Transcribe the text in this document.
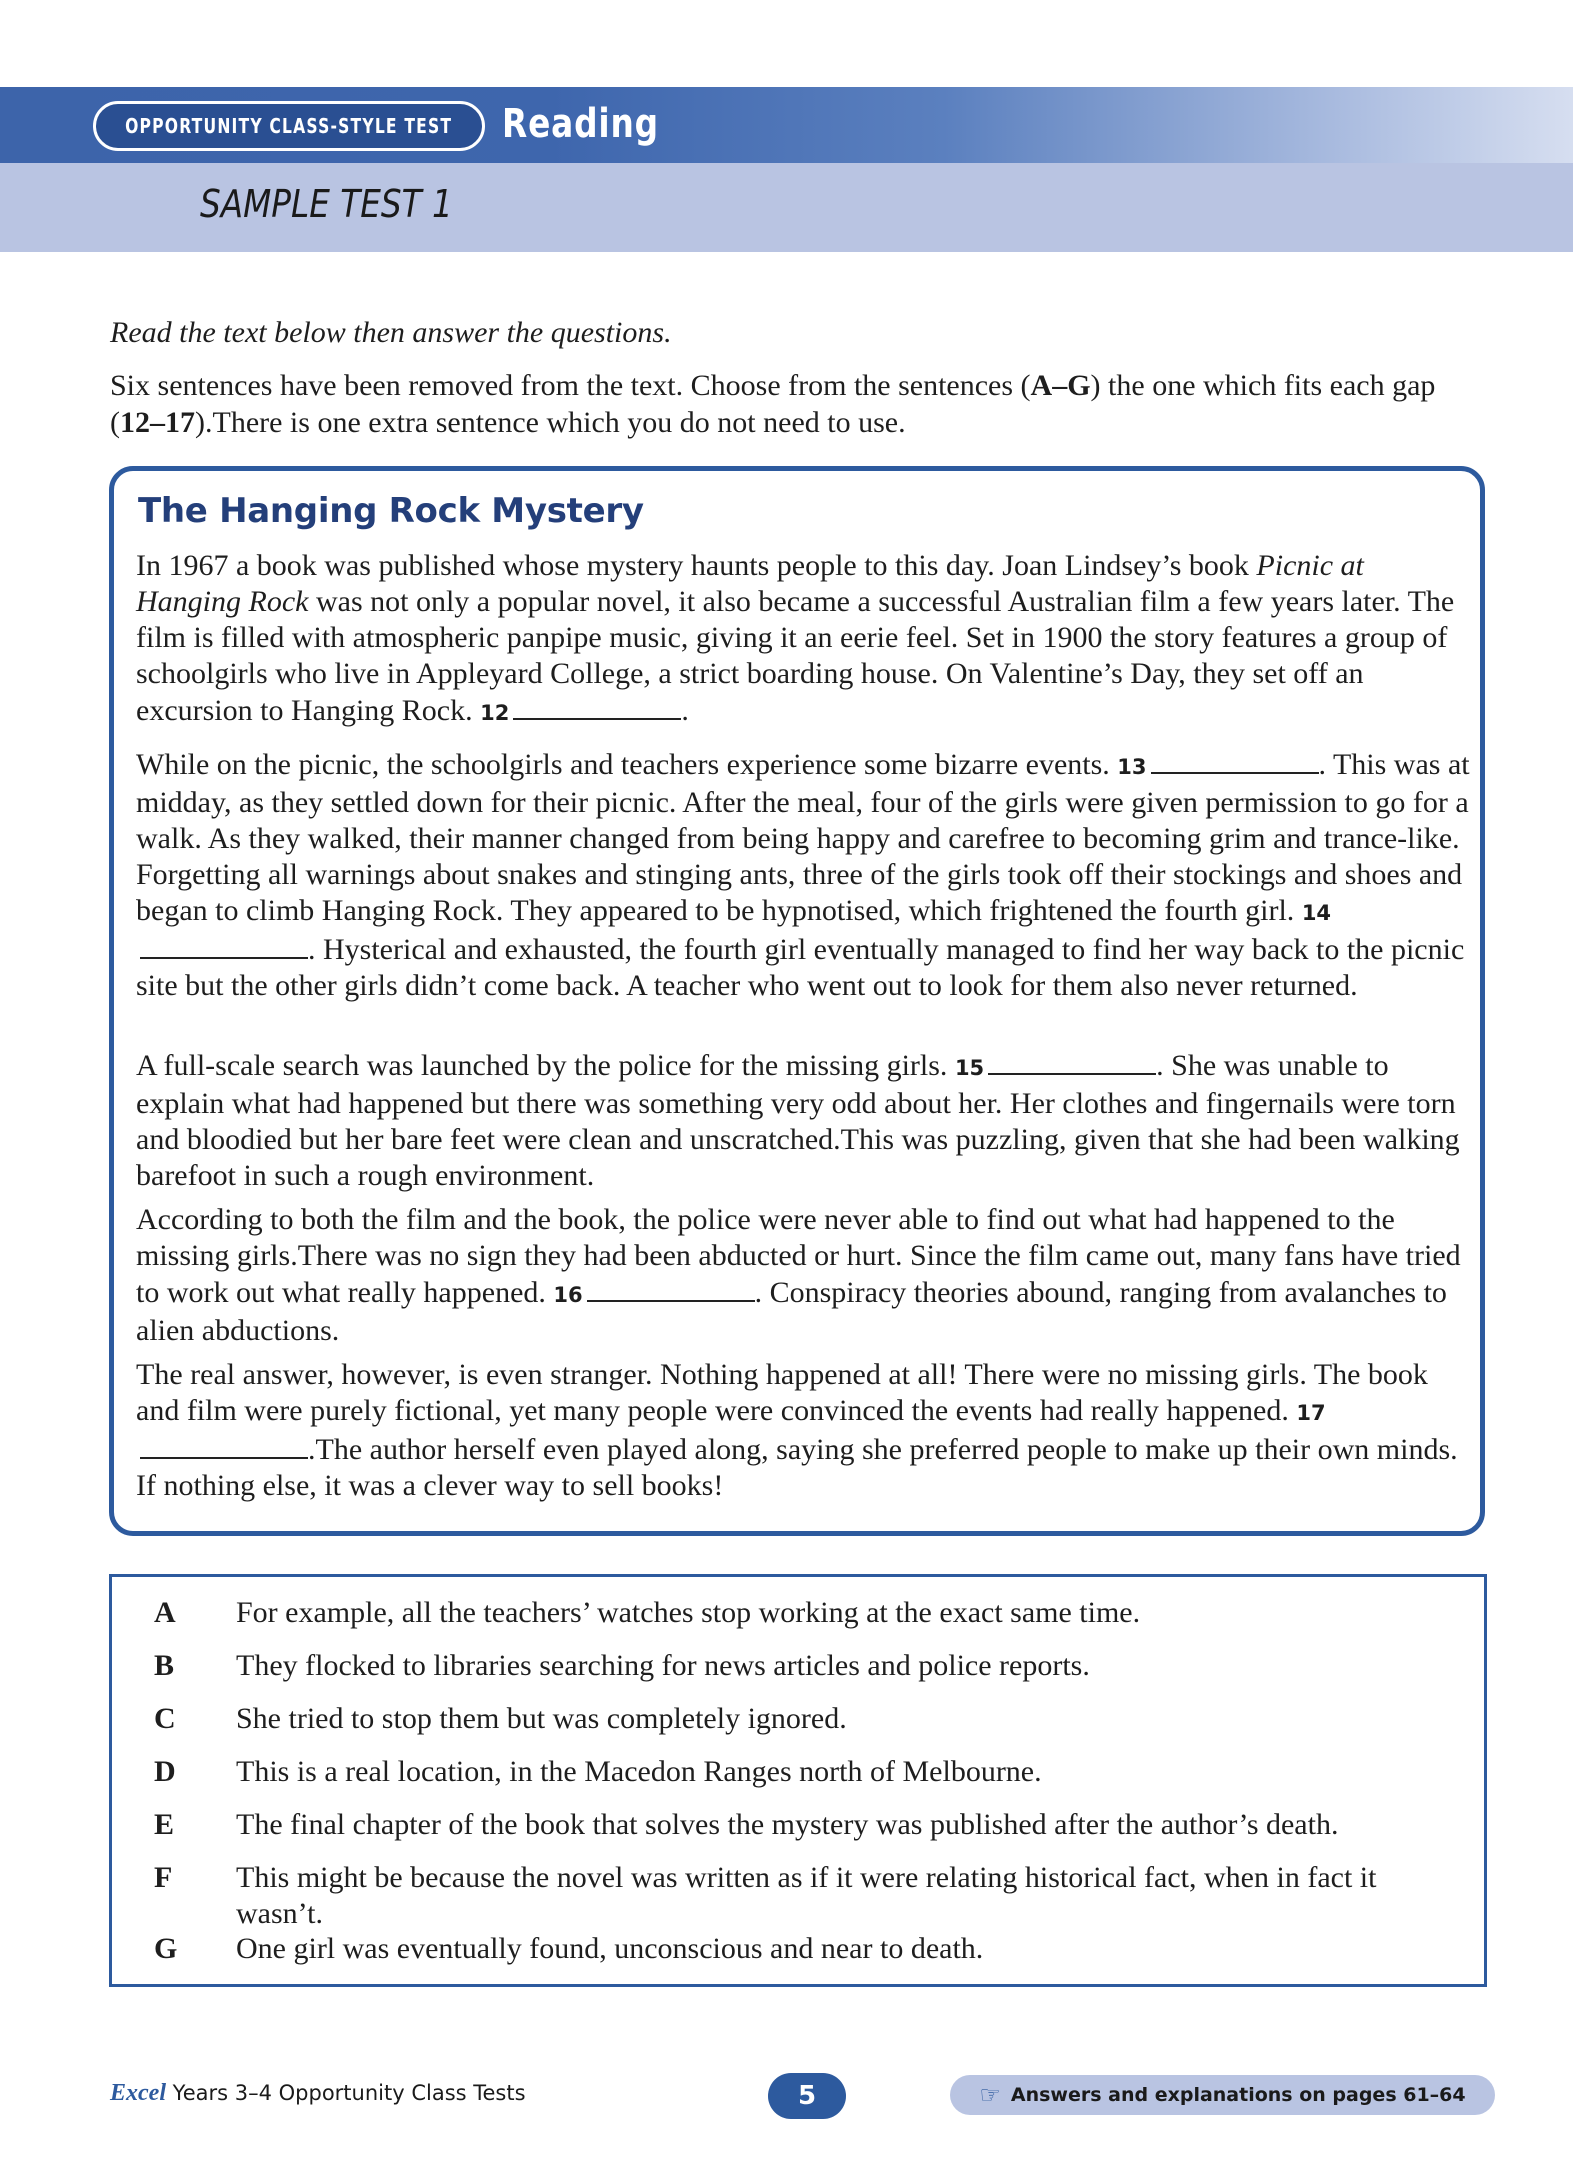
OPPORTUNITY CLASS-STYLE TEST Reading
SAMPLE TEST 1
Read the text below then answer the questions.
Six sentences have been removed from the text. Choose from the sentences (A–G) the one which fits each gap (12–17).There is one extra sentence which you do not need to use.
The Hanging Rock Mystery
In 1967 a book was published whose mystery haunts people to this day. Joan Lindsey’s book Picnic at Hanging Rock was not only a popular novel, it also became a successful Australian film a few years later. The film is filled with atmospheric panpipe music, giving it an eerie feel. Set in 1900 the story features a group of schoolgirls who live in Appleyard College, a strict boarding house. On Valentine’s Day, they set off an excursion to Hanging Rock. 12	.
While on the picnic, the schoolgirls and teachers experience some bizarre events. 13	. This was at midday, as they settled down for their picnic. After the meal, four of the girls were given permission to go for a walk. As they walked, their manner changed from being happy and carefree to becoming grim and trance-like. Forgetting all warnings about snakes and stinging ants, three of the girls took off their stockings and shoes and began to climb Hanging Rock. They appeared to be hypnotised, which frightened the fourth girl. 14. Hysterical and exhausted, the fourth girl eventually managed to find her way back to the picnic site but the other girls didn’t come back. A teacher who went out to look for them also never returned.
A full-scale search was launched by the police for the missing girls. 15	. She was unable to explain what had happened but there was something very odd about her. Her clothes and fingernails were torn and bloodied but her bare feet were clean and unscratched.This was puzzling, given that she had been walking barefoot in such a rough environment.
According to both the film and the book, the police were never able to find out what had happened to the missing girls.There was no sign they had been abducted or hurt. Since the film came out, many fans have tried to work out what really happened. 16	. Conspiracy theories abound, ranging from avalanches to alien abductions.
The real answer, however, is even stranger. Nothing happened at all! There were no missing girls. The book and film were purely fictional, yet many people were convinced the events had really happened. 17.The author herself even played along, saying she preferred people to make up their own minds. If nothing else, it was a clever way to sell books!
A For example, all the teachers’ watches stop working at the exact same time.
B They flocked to libraries searching for news articles and police reports.
C She tried to stop them but was completely ignored.
D This is a real location, in the Macedon Ranges north of Melbourne.
E The final chapter of the book that solves the mystery was published after the author’s death.
F This might be because the novel was written as if it were relating historical fact, when in fact it wasn’t.
G One girl was eventually found, unconscious and near to death.
Excel Years 3–4 Opportunity Class Tests	5	☞ Answers and explanations on pages 61–64
